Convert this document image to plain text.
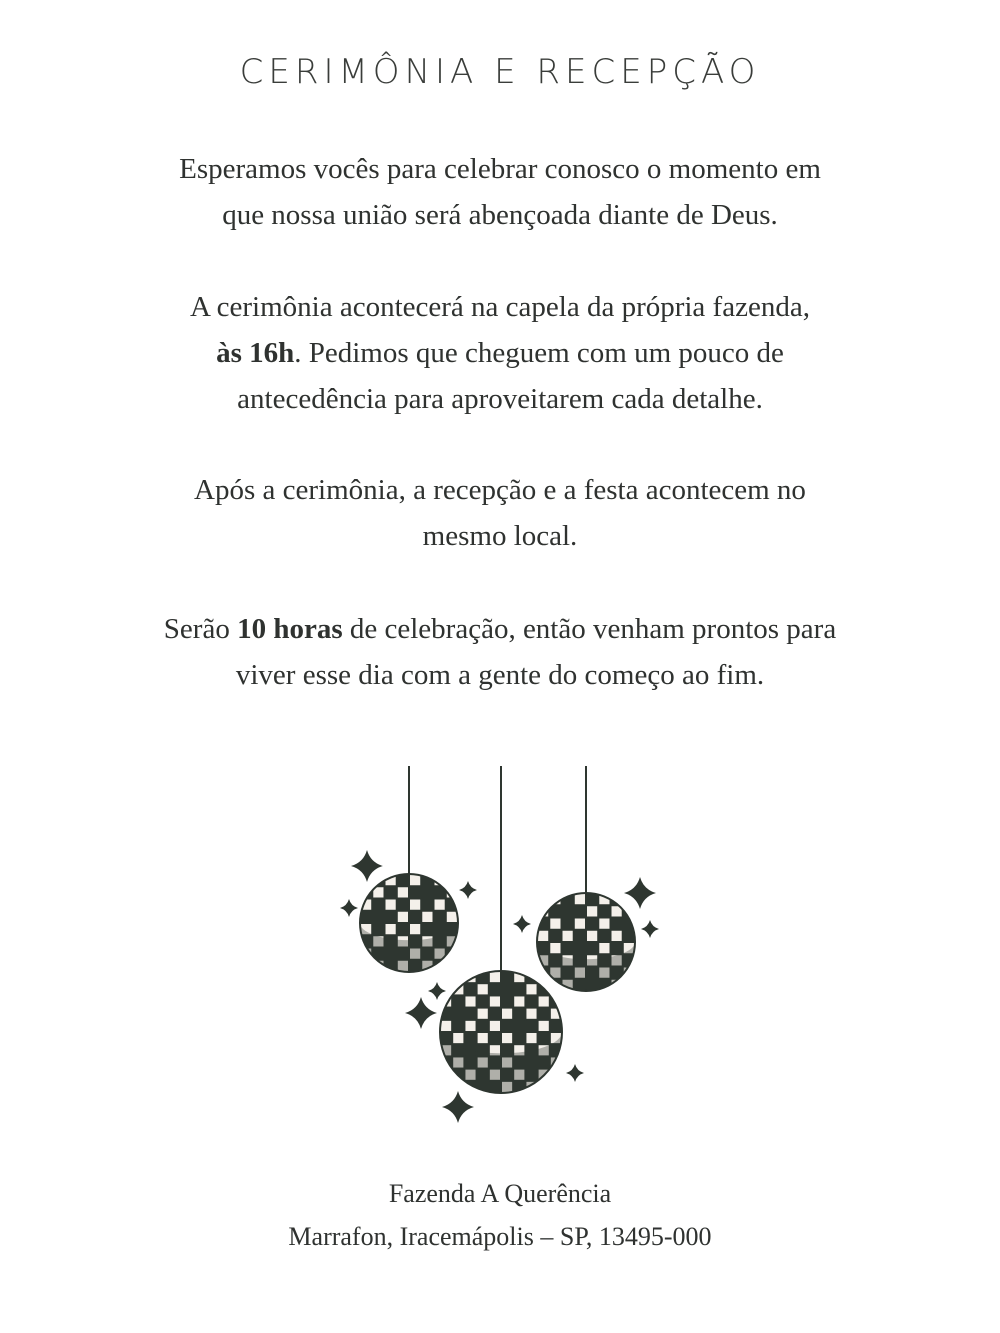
CERIMÔNIA E RECEPÇÃO

Esperamos vocês para celebrar conosco o momento em
que nossa união será abençoada diante de Deus.

A cerimônia acontecerá na capela da própria fazenda,
às 16h. Pedimos que cheguem com um pouco de
antecedência para aproveitarem cada detalhe.

Após a cerimônia, a recepção e a festa acontecem no
mesmo local.

Serão 10 horas de celebração, então venham prontos para
viver esse dia com a gente do começo ao fim.

Fazenda A Querência
Marrafon, Iracemápolis – SP, 13495-000
